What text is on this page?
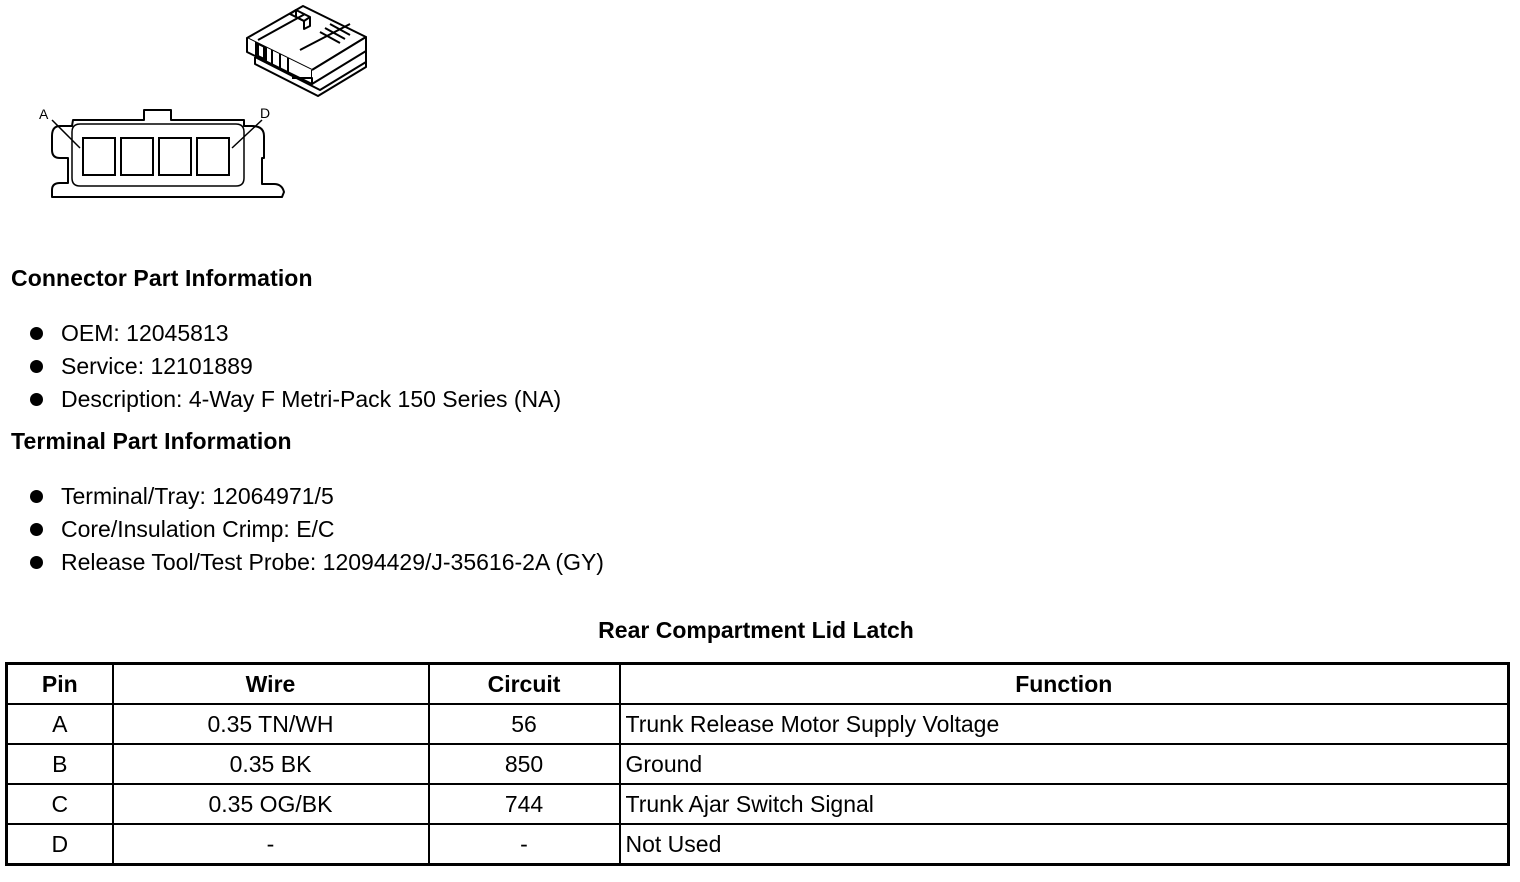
A	D
Connector Part Information
OEM: 12045813
Service: 12101889
Description: 4-Way F Metri-Pack 150 Series (NA)
Terminal Part Information
Terminal/Tray: 12064971/5
Core/Insulation Crimp: E/C
Release Tool/Test Probe: 12094429/J-35616-2A (GY)
Rear Compartment Lid Latch
Pin	Wire	Circuit	Function
A	0.35 TN/WH	56	Trunk Release Motor Supply Voltage
B	0.35 BK	850	Ground
C	0.35 OG/BK	744	Trunk Ajar Switch Signal
D	-	-	Not Used
